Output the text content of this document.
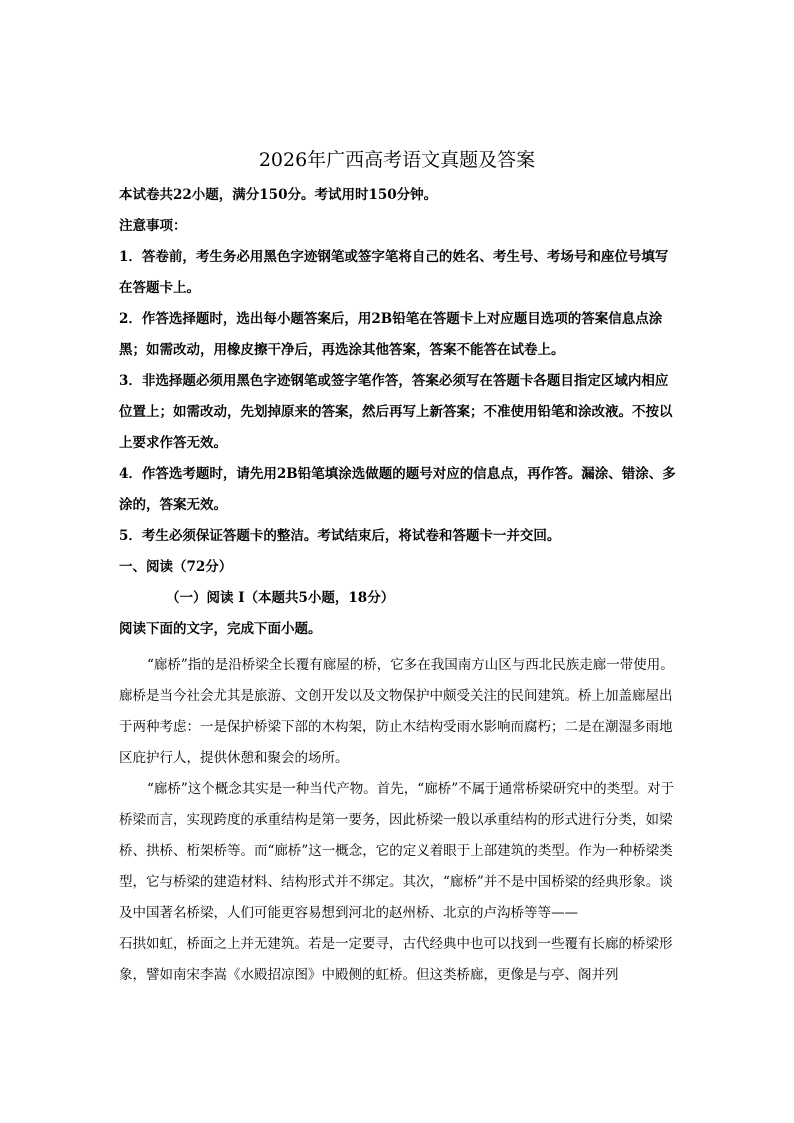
2026年广西高考语文真题及答案

本试卷共22小题，满分150分。考试用时150分钟。

注意事项：

1．答卷前，考生务必用黑色字迹钢笔或签字笔将自己的姓名、考生号、考场号和座位号填写在答题卡上。

2．作答选择题时，选出每小题答案后，用2B铅笔在答题卡上对应题目选项的答案信息点涂黑；如需改动，用橡皮擦干净后，再选涂其他答案，答案不能答在试卷上。

3．非选择题必须用黑色字迹钢笔或签字笔作答，答案必须写在答题卡各题目指定区域内相应位置上；如需改动，先划掉原来的答案，然后再写上新答案；不准使用铅笔和涂改液。不按以上要求作答无效。

4．作答选考题时，请先用2B铅笔填涂选做题的题号对应的信息点，再作答。漏涂、错涂、多涂的，答案无效。

5．考生必须保证答题卡的整洁。考试结束后，将试卷和答题卡一并交回。

一、阅读（72分）

（一）阅读 I（本题共5小题，18分）

阅读下面的文字，完成下面小题。

“廊桥”指的是沿桥梁全长覆有廊屋的桥，它多在我国南方山区与西北民族走廊一带使用。廊桥是当今社会尤其是旅游、文创开发以及文物保护中颇受关注的民间建筑。桥上加盖廊屋出于两种考虑：一是保护桥梁下部的木构架，防止木结构受雨水影响而腐朽；二是在潮湿多雨地区庇护行人，提供休憩和聚会的场所。

“廊桥”这个概念其实是一种当代产物。首先，“廊桥”不属于通常桥梁研究中的类型。对于桥梁而言，实现跨度的承重结构是第一要务，因此桥梁一般以承重结构的形式进行分类，如梁桥、拱桥、桁架桥等。而“廊桥”这一概念，它的定义着眼于上部建筑的类型。作为一种桥梁类型，它与桥梁的建造材料、结构形式并不绑定。其次，“廊桥”并不是中国桥梁的经典形象。谈及中国著名桥梁，人们可能更容易想到河北的赵州桥、北京的卢沟桥等等——

石拱如虹，桥面之上并无建筑。若是一定要寻，古代经典中也可以找到一些覆有长廊的桥梁形象，譬如南宋李嵩《水殿招凉图》中殿侧的虹桥。但这类桥廊，更像是与亭、阁并列
